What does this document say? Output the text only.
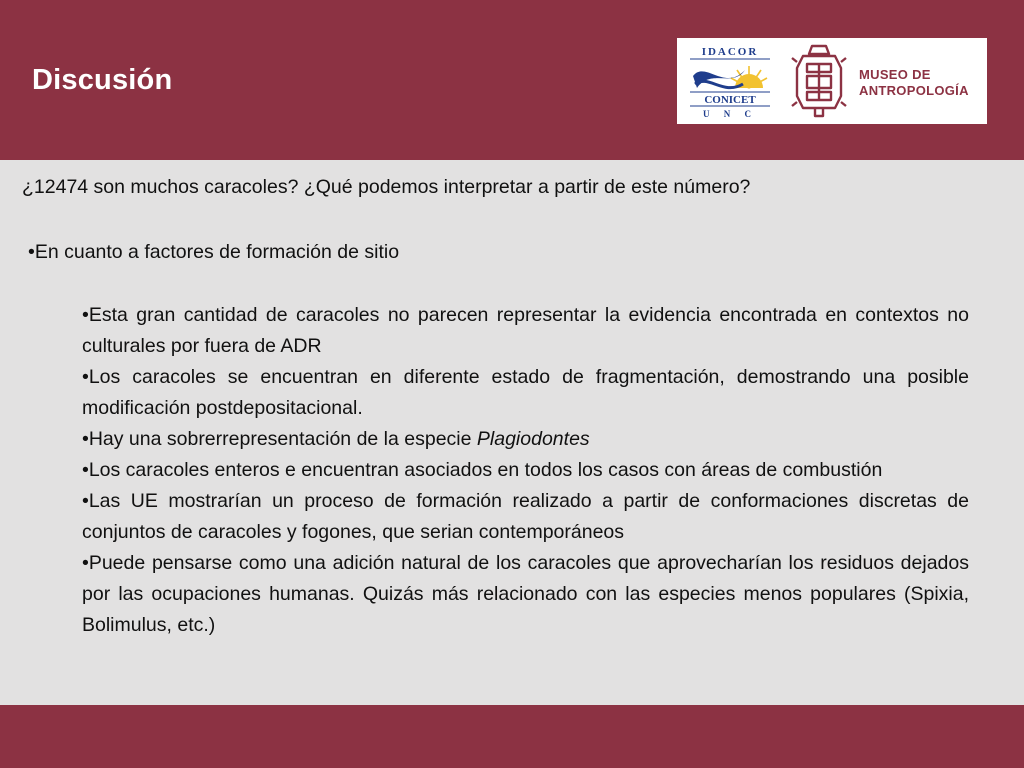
Discusión
IDACOR
CONICET
U N C
MUSEO DE
ANTROPOLOGÍA

¿12474 son muchos caracoles? ¿Qué podemos interpretar a partir de este número?

•En cuanto a factores de formación de sitio

• Esta gran cantidad de caracoles no parecen representar la evidencia encontrada en contextos no culturales por fuera de ADR
• Los caracoles se encuentran en diferente estado de fragmentación, demostrando una posible modificación postdepositacional.
• Hay una sobrerrepresentación de la especie Plagiodontes
• Los caracoles enteros e encuentran asociados en todos los casos con áreas de combustión
• Las UE mostrarían un proceso de formación realizado a partir de conformaciones discretas de conjuntos de caracoles y fogones, que serian contemporáneos
• Puede pensarse como una adición natural de los caracoles que aprovecharían los residuos dejados por las ocupaciones humanas. Quizás más relacionado con las especies menos populares (Spixia, Bolimulus, etc.)
